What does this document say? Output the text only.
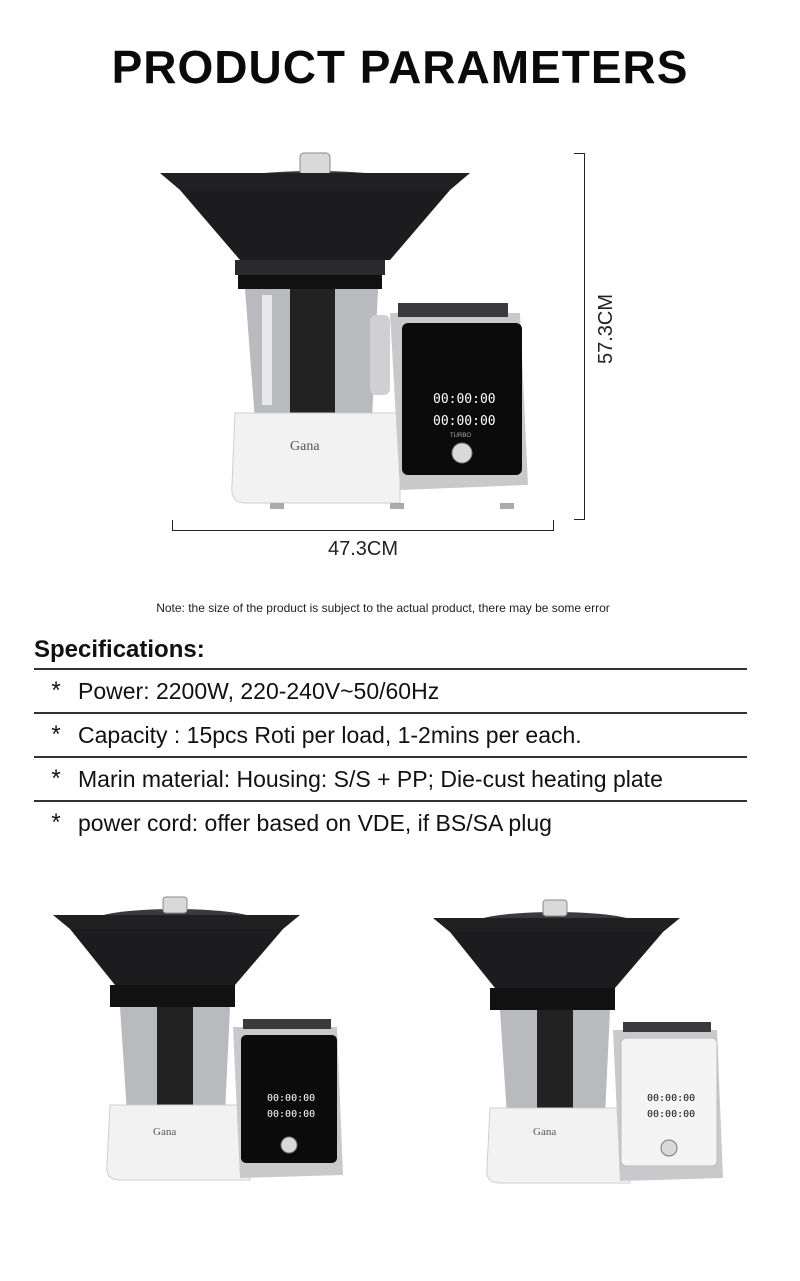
PRODUCT PARAMETERS
Gana
00:00:00
00:00:00
TURBO
47.3CM
57.3CM
Note: the size of the product is subject to the actual product, there may be some error
Specifications:
* Power: 2200W, 220-240V~50/60Hz
* Capacity : 15pcs Roti per load, 1-2mins per each.
* Marin material: Housing: S/S + PP; Die-cust heating plate
* power cord: offer based on VDE, if BS/SA plug
Gana
00:00:00
00:00:00
Gana
00:00:00
00:00:00
